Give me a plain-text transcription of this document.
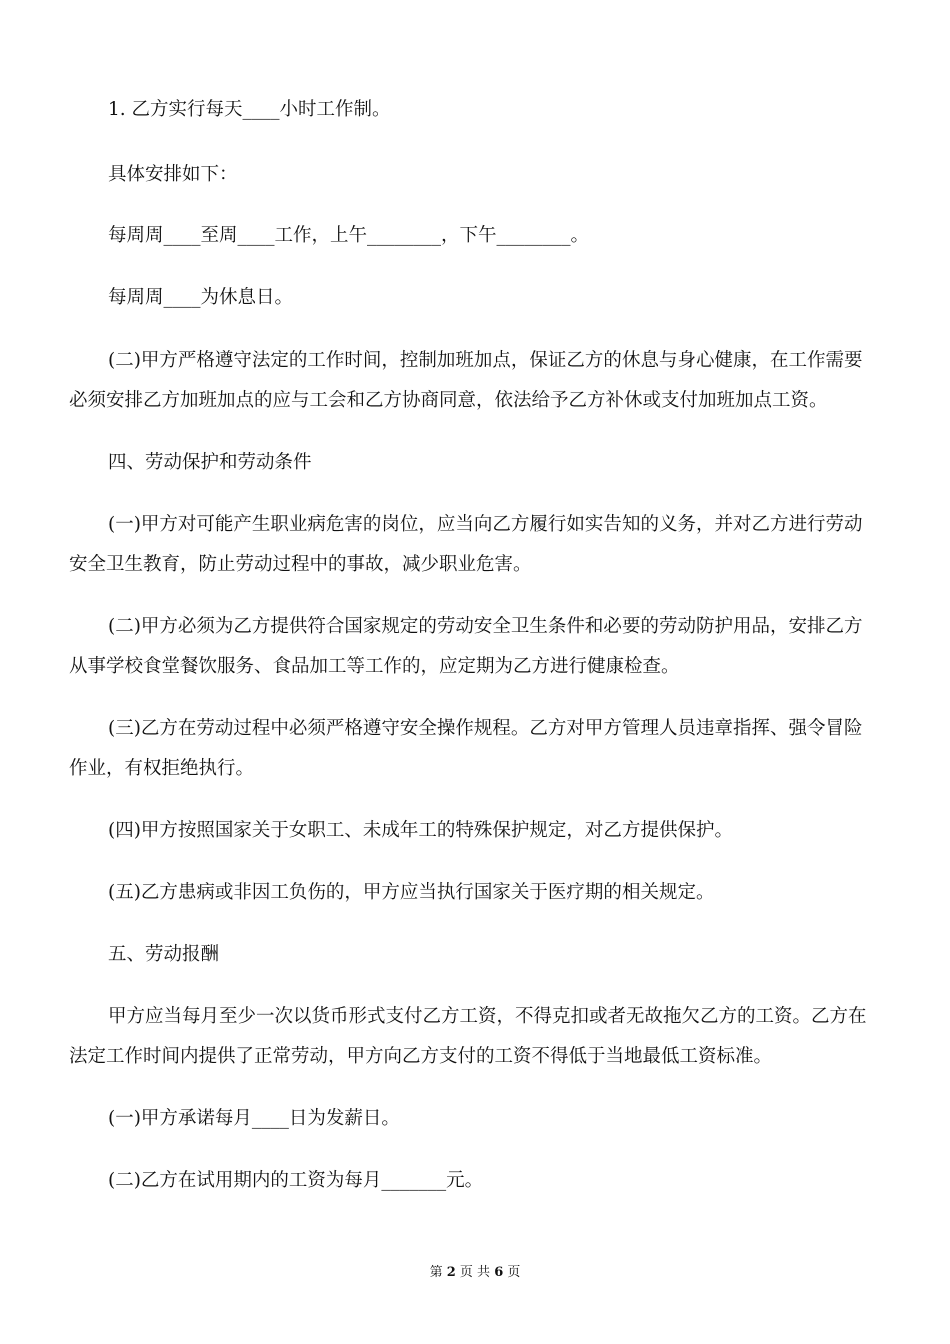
1. 乙方实行每天____小时工作制。
具体安排如下：
每周周____至周____工作，上午________，下午________。
每周周____为休息日。
(二)甲方严格遵守法定的工作时间，控制加班加点，保证乙方的休息与身心健康，在工作需要
必须安排乙方加班加点的应与工会和乙方协商同意，依法给予乙方补休或支付加班加点工资。
四、劳动保护和劳动条件
(一)甲方对可能产生职业病危害的岗位，应当向乙方履行如实告知的义务，并对乙方进行劳动
安全卫生教育，防止劳动过程中的事故，减少职业危害。
(二)甲方必须为乙方提供符合国家规定的劳动安全卫生条件和必要的劳动防护用品，安排乙方
从事学校食堂餐饮服务、食品加工等工作的，应定期为乙方进行健康检查。
(三)乙方在劳动过程中必须严格遵守安全操作规程。乙方对甲方管理人员违章指挥、强令冒险
作业，有权拒绝执行。
(四)甲方按照国家关于女职工、未成年工的特殊保护规定，对乙方提供保护。
(五)乙方患病或非因工负伤的，甲方应当执行国家关于医疗期的相关规定。
五、劳动报酬
甲方应当每月至少一次以货币形式支付乙方工资，不得克扣或者无故拖欠乙方的工资。乙方在
法定工作时间内提供了正常劳动，甲方向乙方支付的工资不得低于当地最低工资标准。
(一)甲方承诺每月____日为发薪日。
(二)乙方在试用期内的工资为每月_______元。
第 2 页 共 6 页
